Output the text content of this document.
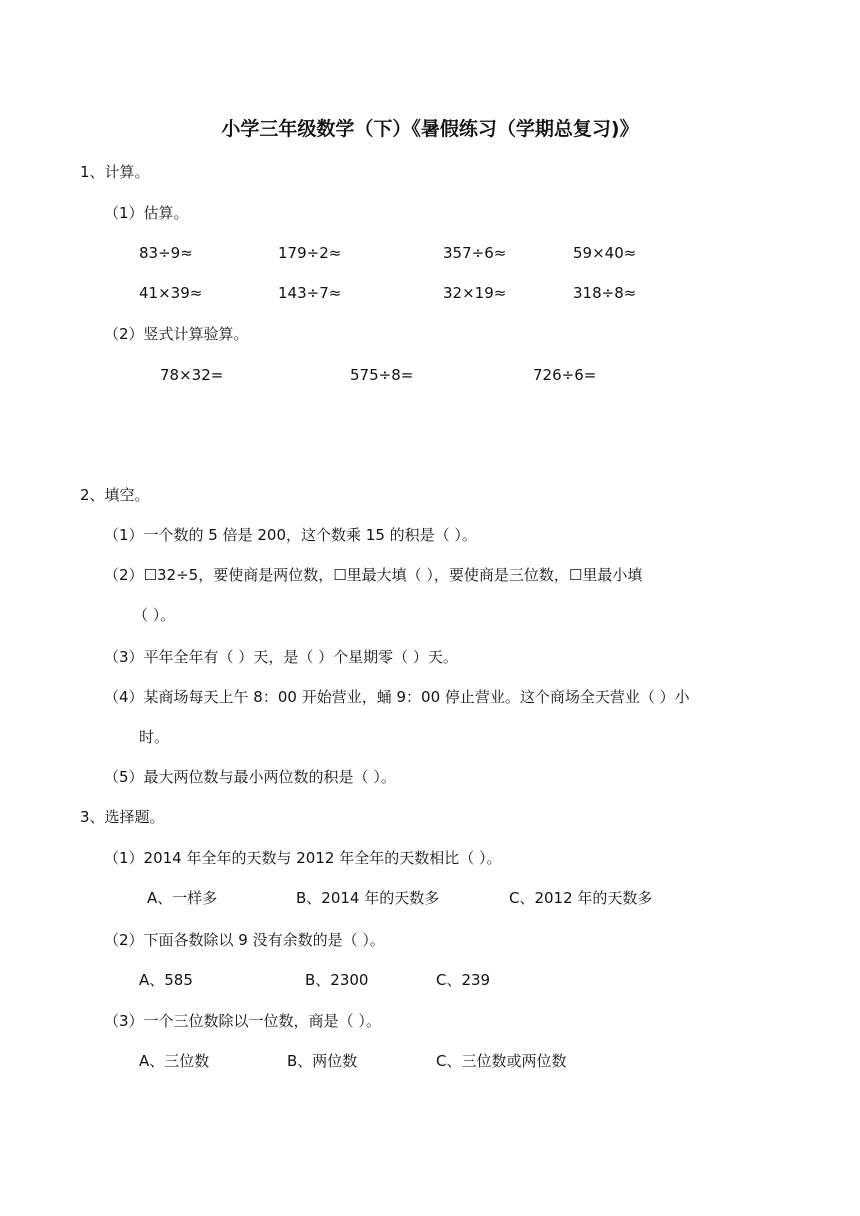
小学三年级数学（下）《暑假练习（学期总复习)》
1、计算。
（1）估算。
83÷9≈	179÷2≈	357÷6≈	59×40≈
41×39≈	143÷7≈	32×19≈	318÷8≈
（2）竖式计算验算。
78×32=	575÷8=	726÷6=
2、填空。
（1）一个数的 5 倍是 200，这个数乘 15 的积是（ ）。
（2）☐32÷5，要使商是两位数，☐里最大填（ ），要使商是三位数，☐里最小填
（ ）。
（3）平年全年有（ ）天，是（ ）个星期零（ ）天。
（4）某商场每天上午 8：00 开始营业，蛹 9：00 停止营业。这个商场全天营业（ ）小
时。
（5）最大两位数与最小两位数的积是（ ）。
3、选择题。
（1）2014 年全年的天数与 2012 年全年的天数相比（ ）。
A、一样多	B、2014 年的天数多	C、2012 年的天数多
（2）下面各数除以 9 没有余数的是（ ）。
A、585	B、2300	C、239
（3）一个三位数除以一位数，商是（ ）。
A、三位数	B、两位数	C、三位数或两位数
